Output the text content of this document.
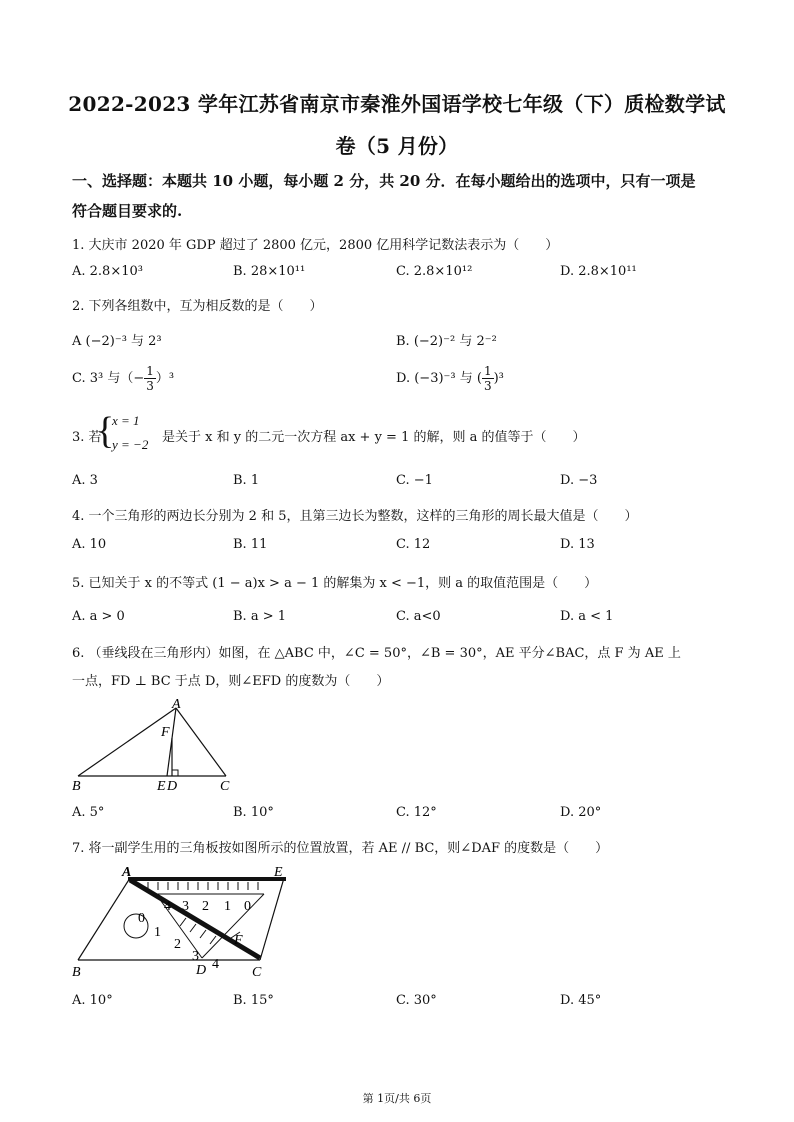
2022-2023 学年江苏省南京市秦淮外国语学校七年级（下）质检数学试
卷（5 月份）
一、选择题：本题共 10 小题，每小题 2 分，共 20 分．在每小题给出的选项中，只有一项是
符合题目要求的.
1. 大庆市 2020 年 GDP 超过了 2800 亿元，2800 亿用科学记数法表示为（　　）
A. 2.8×10³	B. 28×10¹¹	C. 2.8×10¹²	D. 2.8×10¹¹
2. 下列各组数中，互为相反数的是（　　）
A (−2)⁻³ 与 2³	B. (−2)⁻² 与 2⁻²
C. 3³ 与（− $\frac{1}{3} )^3$	D. (−3)⁻³ 与 ( $\frac{1}{3} )^3$
3. 若
{
x = 1
y = −2 是关于 x 和 y 的二元一次方程 ax + y = 1 的解，则 a 的值等于（　　）
A. 3	B. 1	C. −1	D. −3
4. 一个三角形的两边长分别为 2 和 5，且第三边长为整数，这样的三角形的周长最大值是（　　）
A. 10	B. 11	C. 12	D. 13
5. 已知关于 x 的不等式 (1 − a)x > a − 1 的解集为 x < −1，则 a 的取值范围是（　　）
A. a > 0	B. a > 1	C. a<0	D. a < 1
6. （垂线段在三角形内）如图，在 △ABC 中，∠C = 50°，∠B = 30°，AE 平分∠BAC，点 F 为 AE 上
一点，FD ⊥ BC 于点 D，则∠EFD 的度数为（　　）
A
B	C
E D
F
A. 5°	B. 10°	C. 12°	D. 20°
7. 将一副学生用的三角板按如图所示的位置放置，若 AE // BC，则∠DAF 的度数是（　　）
A	E
B	C
D
F
4 3 2 1 0
0
1
2
3
4
A. 10°	B. 15°	C. 30°	D. 45°
第 1页/共 6页
